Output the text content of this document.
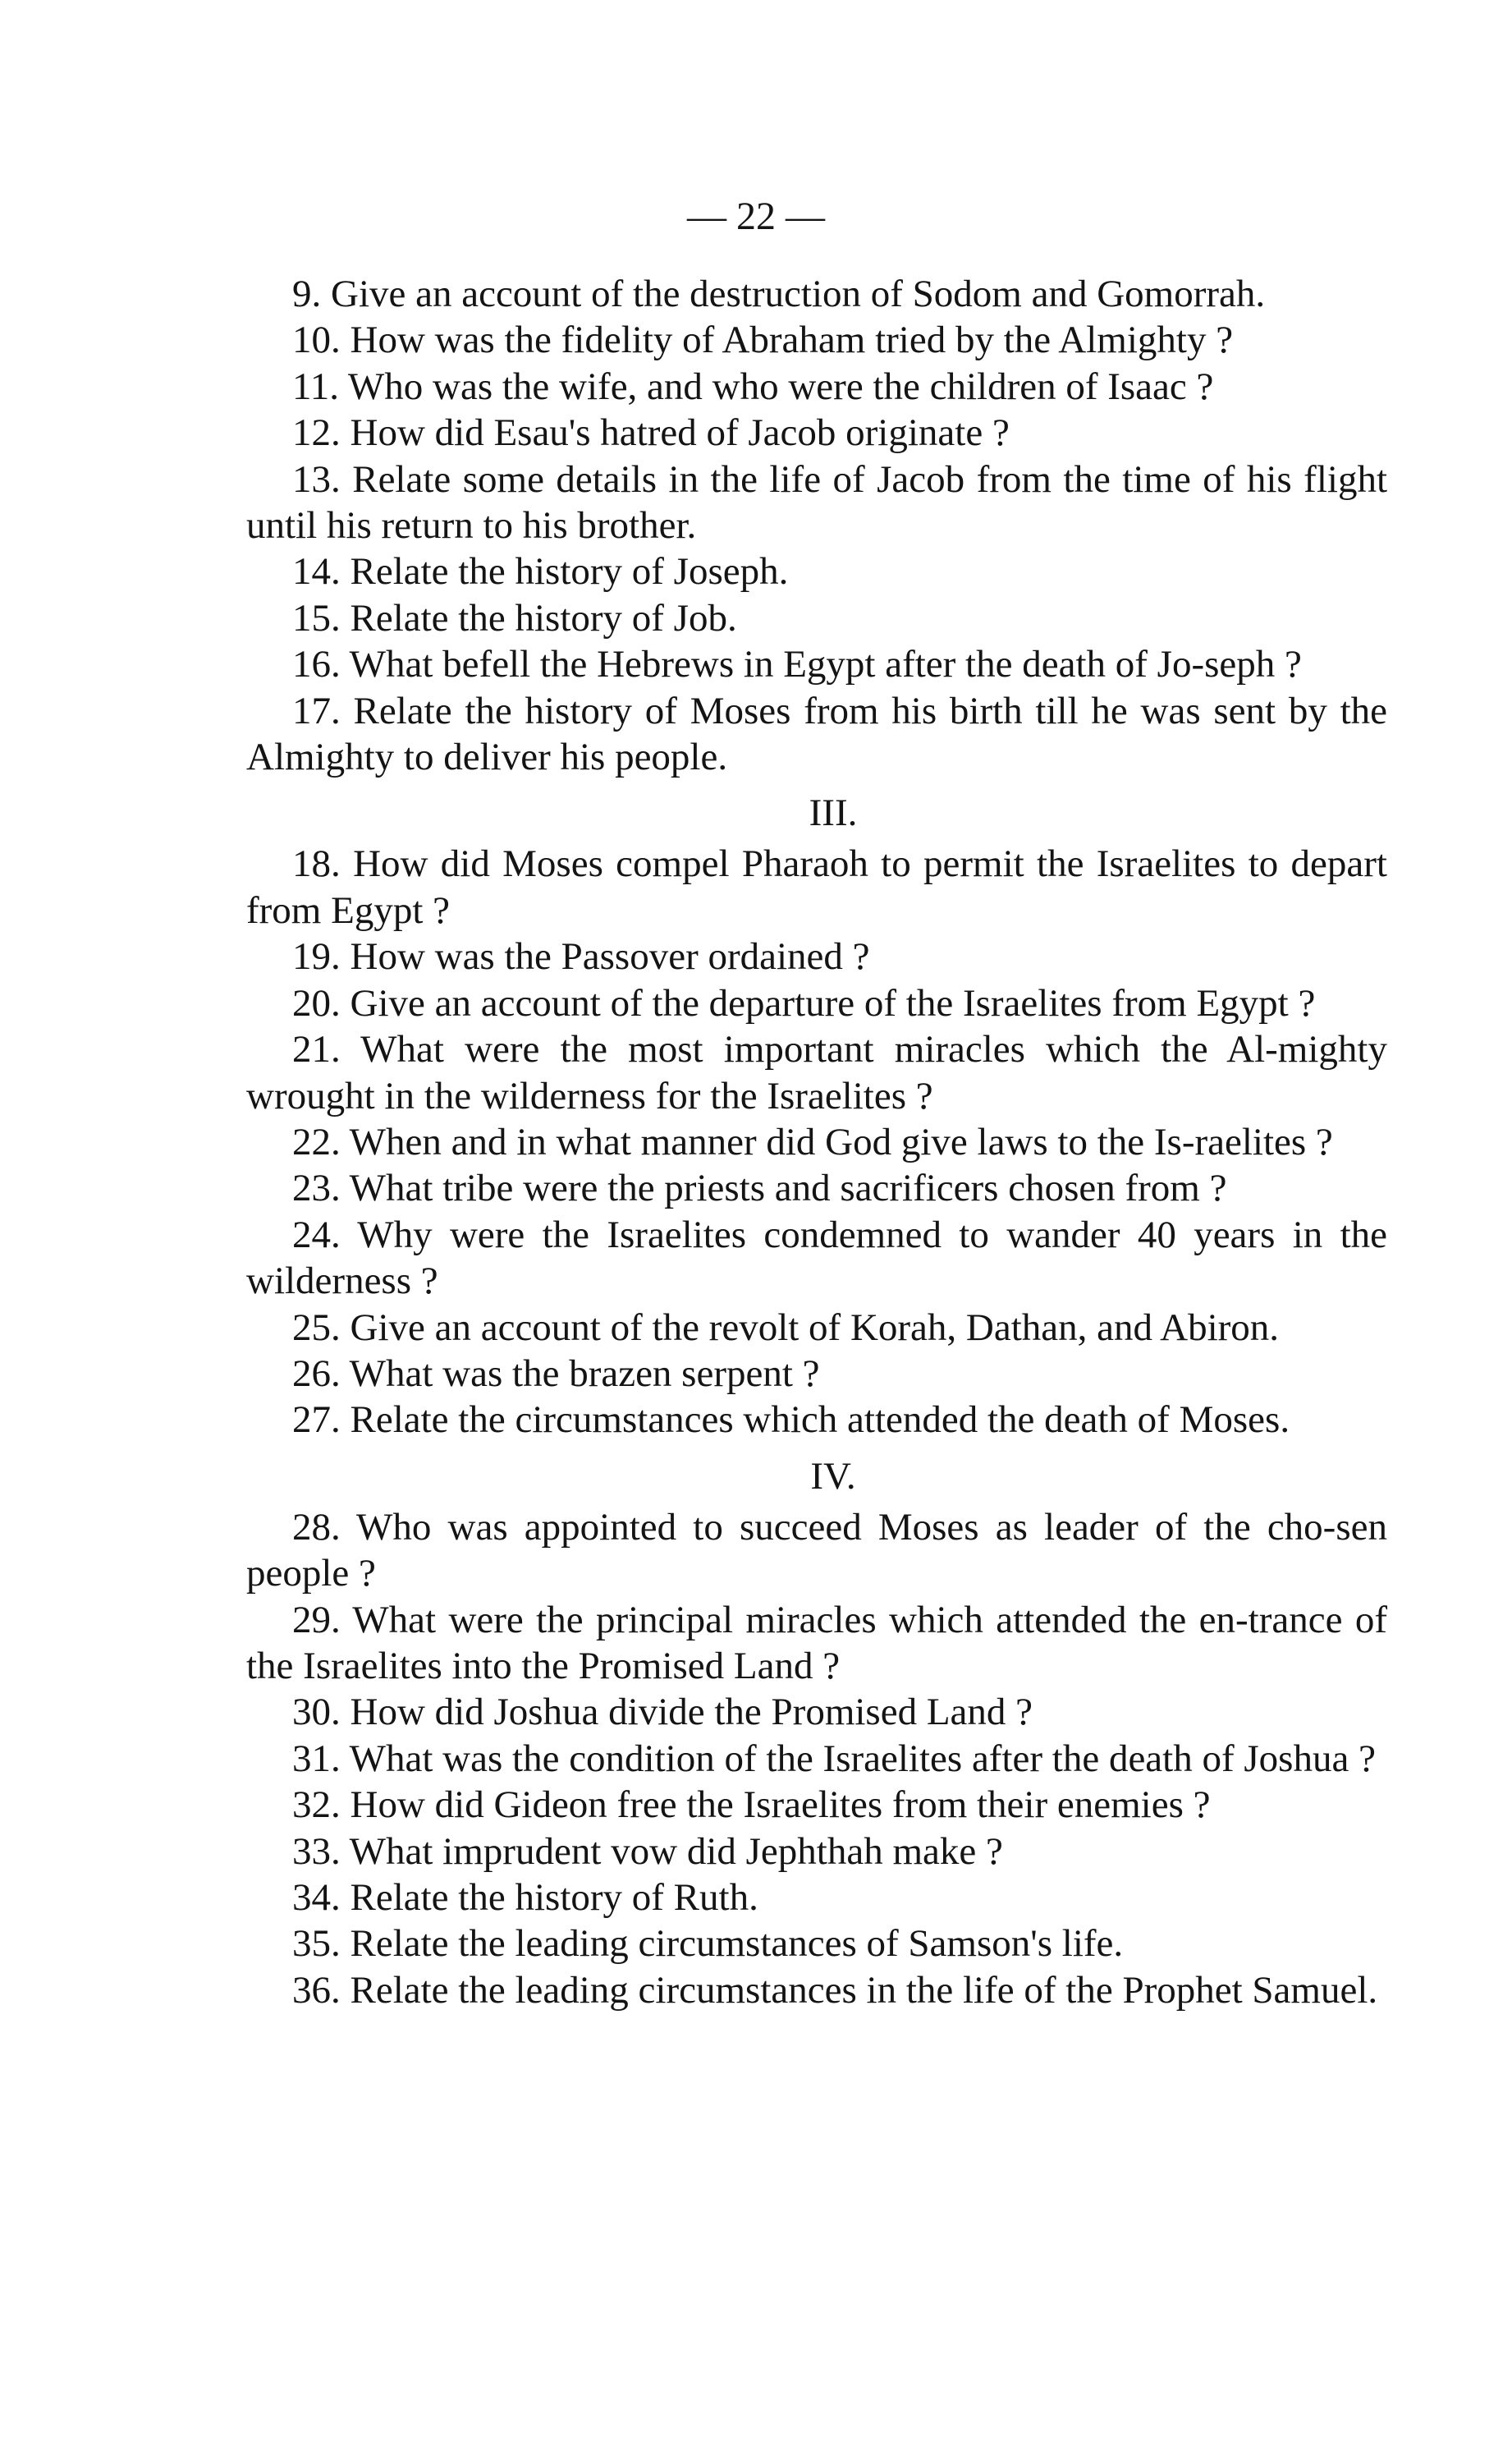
— 22 —

9. Give an account of the destruction of Sodom and Gomorrah.

10. How was the fidelity of Abraham tried by the Almighty ?

11. Who was the wife, and who were the children of Isaac ?

12. How did Esau's hatred of Jacob originate ?

13. Relate some details in the life of Jacob from the time of his flight until his return to his brother.

14. Relate the history of Joseph.

15. Relate the history of Job.

16. What befell the Hebrews in Egypt after the death of Jo-seph ?

17. Relate the history of Moses from his birth till he was sent by the Almighty to deliver his people.

III.

18. How did Moses compel Pharaoh to permit the Israelites to depart from Egypt ?

19. How was the Passover ordained ?

20. Give an account of the departure of the Israelites from Egypt ?

21. What were the most important miracles which the Al-mighty wrought in the wilderness for the Israelites ?

22. When and in what manner did God give laws to the Is-raelites ?

23. What tribe were the priests and sacrificers chosen from ?

24. Why were the Israelites condemned to wander 40 years in the wilderness ?

25. Give an account of the revolt of Korah, Dathan, and Abiron.

26. What was the brazen serpent ?

27. Relate the circumstances which attended the death of Moses.

IV.

28. Who was appointed to succeed Moses as leader of the cho-sen people ?

29. What were the principal miracles which attended the en-trance of the Israelites into the Promised Land ?

30. How did Joshua divide the Promised Land ?

31. What was the condition of the Israelites after the death of Joshua ?

32. How did Gideon free the Israelites from their enemies ?

33. What imprudent vow did Jephthah make ?

34. Relate the history of Ruth.

35. Relate the leading circumstances of Samson's life.

36. Relate the leading circumstances in the life of the Prophet Samuel.
